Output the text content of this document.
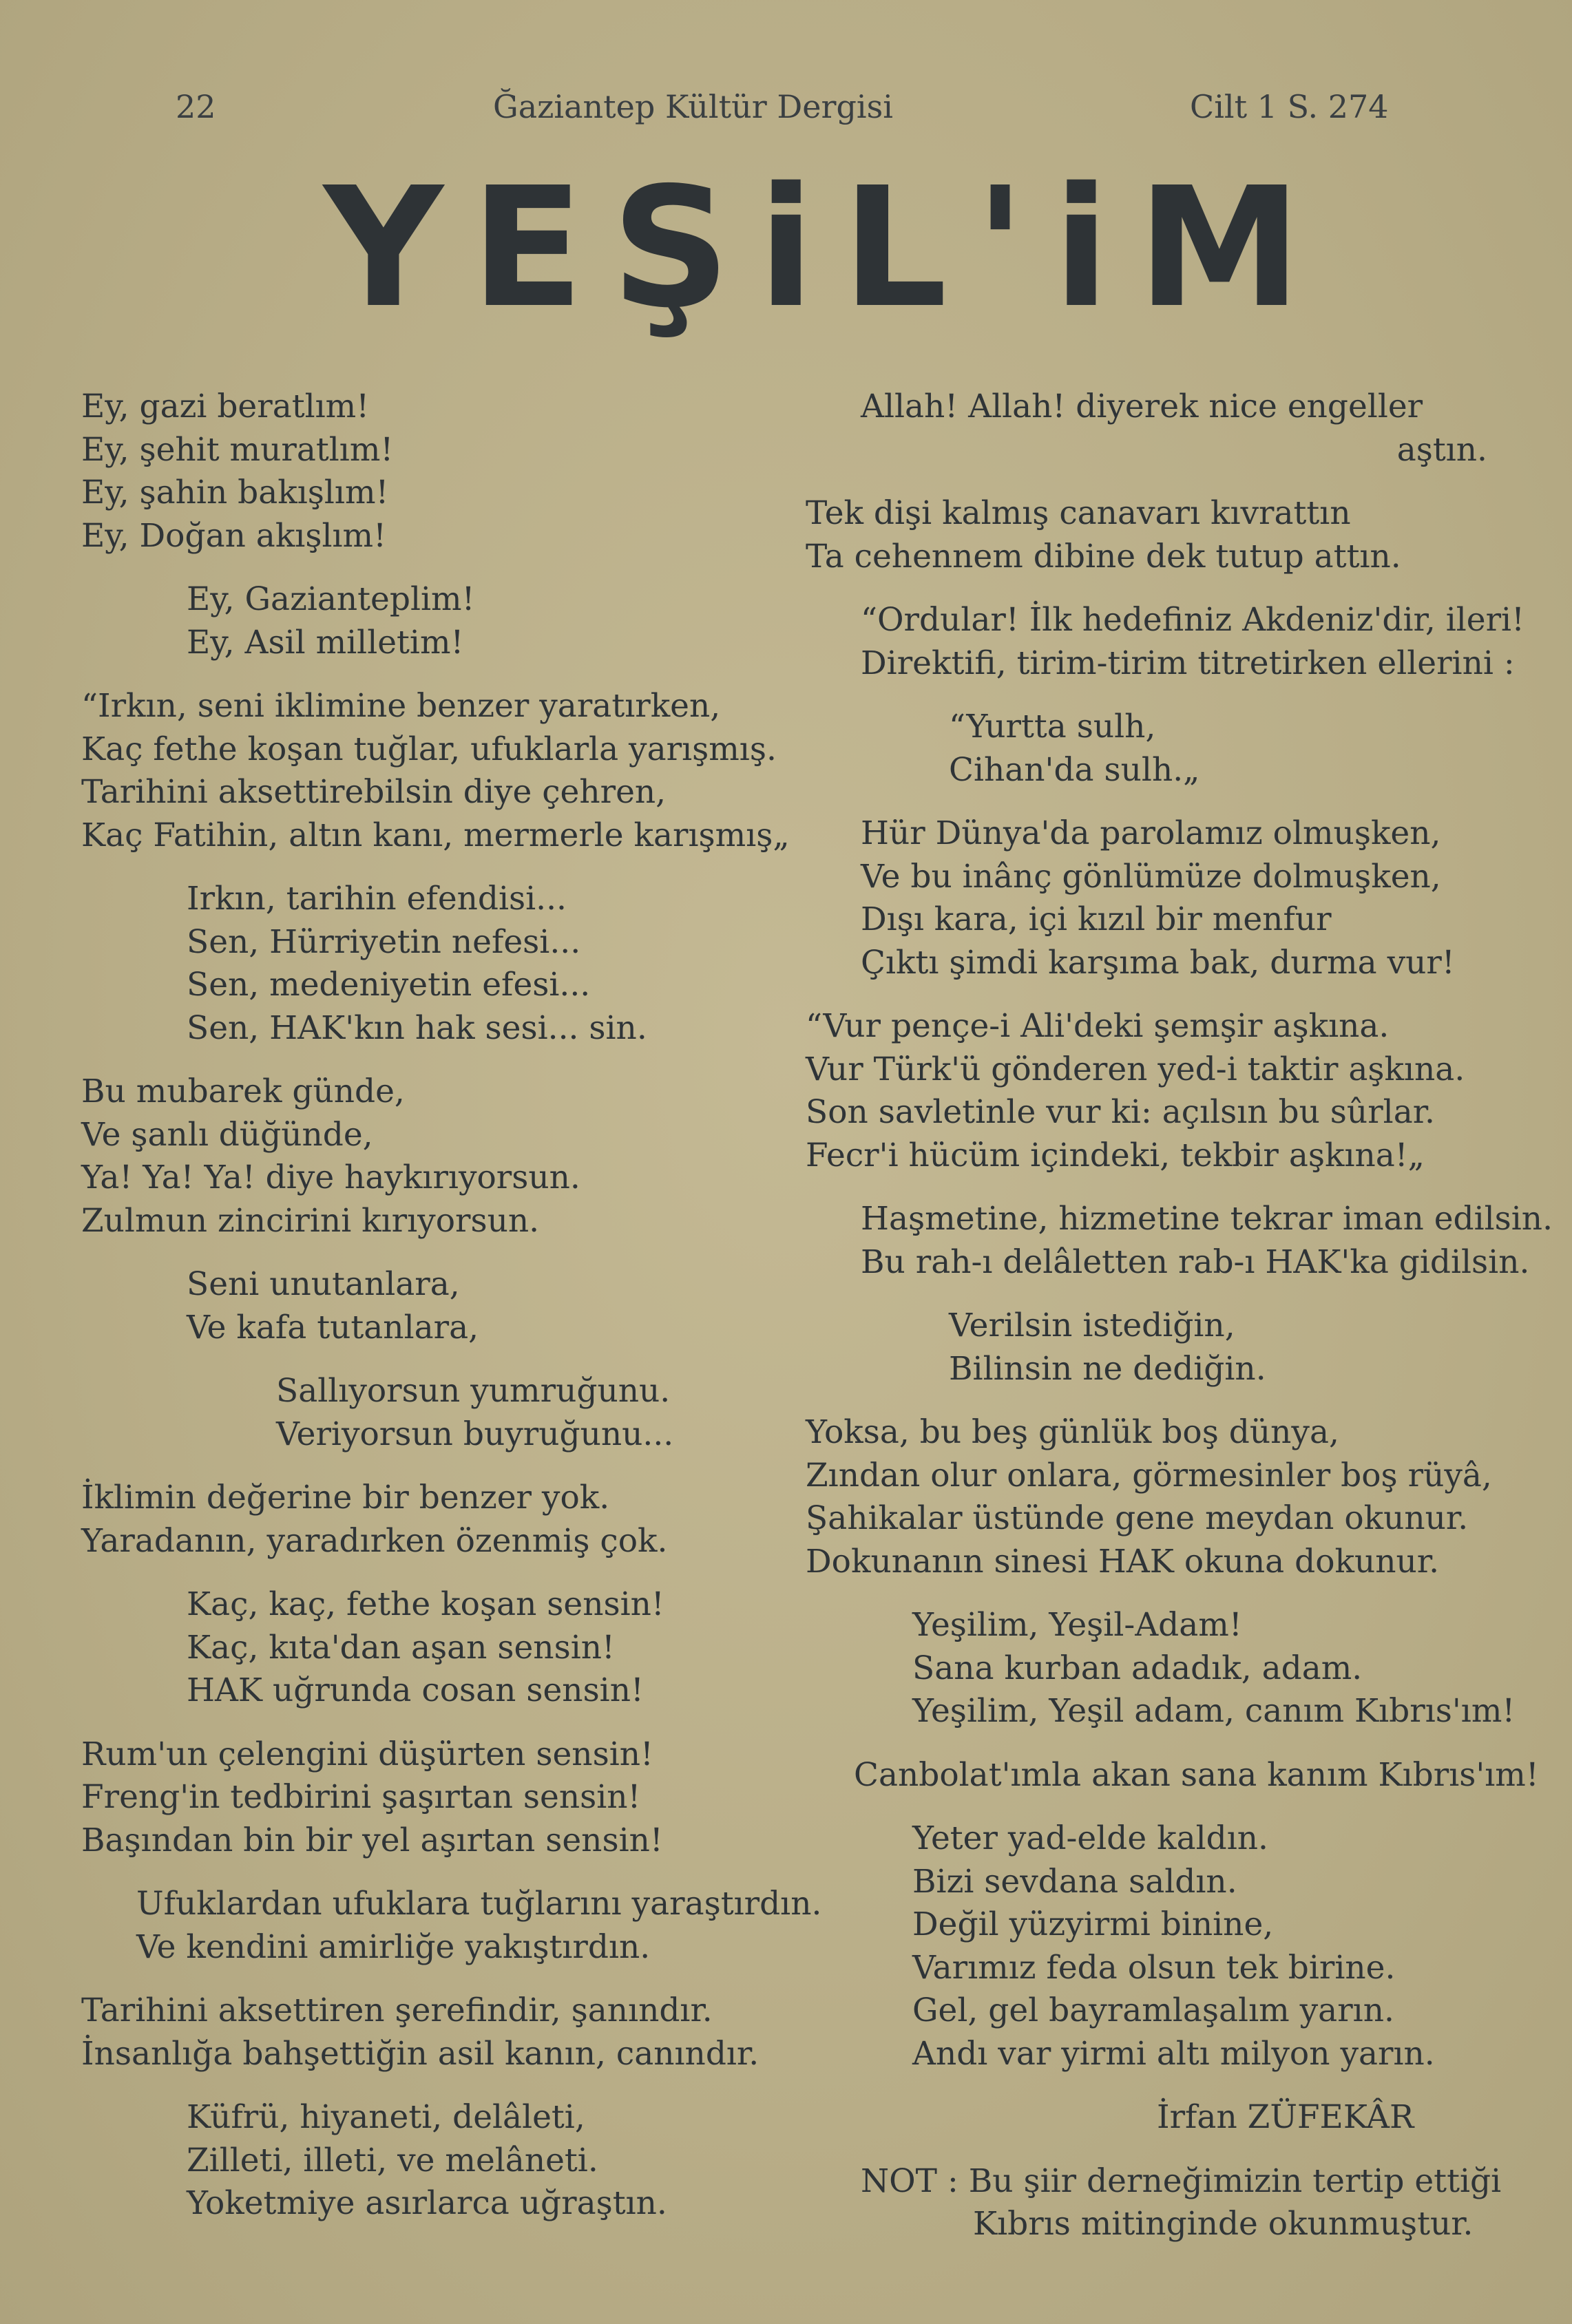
22	Ğaziantep Kültür Dergisi	Cilt 1 S. 274
YEŞiL'iM
Ey, gazi beratlım!
Ey, şehit muratlım!
Ey, şahin bakışlım!
Ey, Doğan akışlım!
Ey, Gazianteplim!
Ey, Asil milletim!
“Irkın, seni iklimine benzer yaratırken,
Kaç fethe koşan tuğlar, ufuklarla yarışmış.
Tarihini aksettirebilsin diye çehren,
Kaç Fatihin, altın kanı, mermerle karışmış„
Irkın, tarihin efendisi...
Sen, Hürriyetin nefesi...
Sen, medeniyetin efesi...
Sen, HAK'kın hak sesi... sin.
Bu mubarek günde,
Ve şanlı düğünde,
Ya! Ya! Ya! diye haykırıyorsun.
Zulmun zincirini kırıyorsun.
Seni unutanlara,
Ve kafa tutanlara,
Sallıyorsun yumruğunu.
Veriyorsun buyruğunu...
İklimin değerine bir benzer yok.
Yaradanın, yaradırken özenmiş çok.
Kaç, kaç, fethe koşan sensin!
Kaç, kıta'dan aşan sensin!
HAK uğrunda cosan sensin!
Rum'un çelengini düşürten sensin!
Freng'in tedbirini şaşırtan sensin!
Başından bin bir yel aşırtan sensin!
Ufuklardan ufuklara tuğlarını yaraştırdın.
Ve kendini amirliğe yakıştırdın.
Tarihini aksettiren şerefindir, şanındır.
İnsanlığa bahşettiğin asil kanın, canındır.
Küfrü, hiyaneti, delâleti,
Zilleti, illeti, ve melâneti.
Yoketmiye asırlarca uğraştın.
Allah! Allah! diyerek nice engeller
aştın.
Tek dişi kalmış canavarı kıvrattın
Ta cehennem dibine dek tutup attın.
“Ordular! İlk hedefiniz Akdeniz'dir, ileri!
Direktifi, tirim-tirim titretirken ellerini :
“Yurtta sulh,
Cihan'da sulh.„
Hür Dünya'da parolamız olmuşken,
Ve bu inânç gönlümüze dolmuşken,
Dışı kara, içi kızıl bir menfur
Çıktı şimdi karşıma bak, durma vur!
“Vur pençe-i Ali'deki şemşir aşkına.
Vur Türk'ü gönderen yed-i taktir aşkına.
Son savletinle vur ki: açılsın bu sûrlar.
Fecr'i hücüm içindeki, tekbir aşkına!„
Haşmetine, hizmetine tekrar iman edilsin.
Bu rah-ı delâletten rab-ı HAK'ka gidilsin.
Verilsin istediğin,
Bilinsin ne dediğin.
Yoksa, bu beş günlük boş dünya,
Zından olur onlara, görmesinler boş rüyâ,
Şahikalar üstünde gene meydan okunur.
Dokunanın sinesi HAK okuna dokunur.
Yeşilim, Yeşil-Adam!
Sana kurban adadık, adam.
Yeşilim, Yeşil adam, canım Kıbrıs'ım!
Canbolat'ımla akan sana kanım Kıbrıs'ım!
Yeter yad-elde kaldın.
Bizi sevdana saldın.
Değil yüzyirmi binine,
Varımız feda olsun tek birine.
Gel, gel bayramlaşalım yarın.
Andı var yirmi altı milyon yarın.
İrfan ZÜFEKÂR
NOT : Bu şiir derneğimizin tertip ettiği
Kıbrıs mitinginde okunmuştur.
